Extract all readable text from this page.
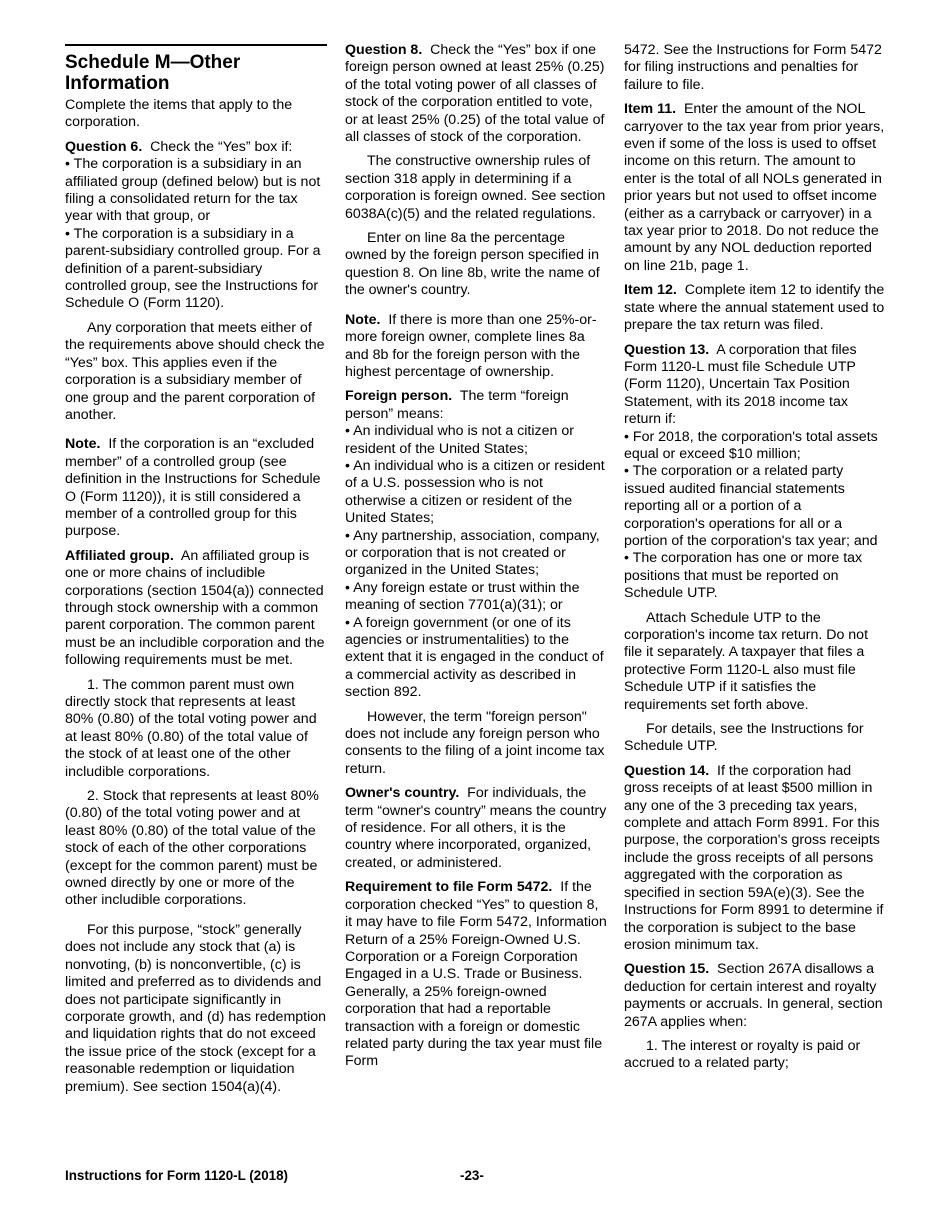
Schedule M—Other Information

Complete the items that apply to the corporation.

Question 6. Check the “Yes” box if:

• The corporation is a subsidiary in an affiliated group (defined below) but is not filing a consolidated return for the tax year with that group, or

• The corporation is a subsidiary in a parent-subsidiary controlled group. For a definition of a parent-subsidiary controlled group, see the Instructions for Schedule O (Form 1120).

Any corporation that meets either of the requirements above should check the “Yes” box. This applies even if the corporation is a subsidiary member of one group and the parent corporation of another.

Note. If the corporation is an “excluded member” of a controlled group (see definition in the Instructions for Schedule O (Form 1120)), it is still considered a member of a controlled group for this purpose.

Affiliated group. An affiliated group is one or more chains of includible corporations (section 1504(a)) connected through stock ownership with a common parent corporation. The common parent must be an includible corporation and the following requirements must be met.

1. The common parent must own directly stock that represents at least 80% (0.80) of the total voting power and at least 80% (0.80) of the total value of the stock of at least one of the other includible corporations.

2. Stock that represents at least 80% (0.80) of the total voting power and at least 80% (0.80) of the total value of the stock of each of the other corporations (except for the common parent) must be owned directly by one or more of the other includible corporations.

For this purpose, “stock” generally does not include any stock that (a) is nonvoting, (b) is nonconvertible, (c) is limited and preferred as to dividends and does not participate significantly in corporate growth, and (d) has redemption and liquidation rights that do not exceed the issue price of the stock (except for a reasonable redemption or liquidation premium). See section 1504(a)(4).

Question 8. Check the “Yes” box if one foreign person owned at least 25% (0.25) of the total voting power of all classes of stock of the corporation entitled to vote, or at least 25% (0.25) of the total value of all classes of stock of the corporation.

The constructive ownership rules of section 318 apply in determining if a corporation is foreign owned. See section 6038A(c)(5) and the related regulations.

Enter on line 8a the percentage owned by the foreign person specified in question 8. On line 8b, write the name of the owner's country.

Note. If there is more than one 25%-or-more foreign owner, complete lines 8a and 8b for the foreign person with the highest percentage of ownership.

Foreign person. The term “foreign person” means:

• An individual who is not a citizen or resident of the United States;

• An individual who is a citizen or resident of a U.S. possession who is not otherwise a citizen or resident of the United States;

• Any partnership, association, company, or corporation that is not created or organized in the United States;

• Any foreign estate or trust within the meaning of section 7701(a)(31); or

• A foreign government (or one of its agencies or instrumentalities) to the extent that it is engaged in the conduct of a commercial activity as described in section 892.

However, the term "foreign person" does not include any foreign person who consents to the filing of a joint income tax return.

Owner's country. For individuals, the term “owner's country” means the country of residence. For all others, it is the country where incorporated, organized, created, or administered.

Requirement to file Form 5472. If the corporation checked “Yes” to question 8, it may have to file Form 5472, Information Return of a 25% Foreign-Owned U.S. Corporation or a Foreign Corporation Engaged in a U.S. Trade or Business. Generally, a 25% foreign-owned corporation that had a reportable transaction with a foreign or domestic related party during the tax year must file Form

5472. See the Instructions for Form 5472 for filing instructions and penalties for failure to file.

Item 11. Enter the amount of the NOL carryover to the tax year from prior years, even if some of the loss is used to offset income on this return. The amount to enter is the total of all NOLs generated in prior years but not used to offset income (either as a carryback or carryover) in a tax year prior to 2018. Do not reduce the amount by any NOL deduction reported on line 21b, page 1.

Item 12. Complete item 12 to identify the state where the annual statement used to prepare the tax return was filed.

Question 13. A corporation that files Form 1120-L must file Schedule UTP (Form 1120), Uncertain Tax Position Statement, with its 2018 income tax return if:

• For 2018, the corporation's total assets equal or exceed $10 million;

• The corporation or a related party issued audited financial statements reporting all or a portion of a corporation's operations for all or a portion of the corporation's tax year; and

• The corporation has one or more tax positions that must be reported on Schedule UTP.

Attach Schedule UTP to the corporation's income tax return. Do not file it separately. A taxpayer that files a protective Form 1120-L also must file Schedule UTP if it satisfies the requirements set forth above.

For details, see the Instructions for Schedule UTP.

Question 14. If the corporation had gross receipts of at least $500 million in any one of the 3 preceding tax years, complete and attach Form 8991. For this purpose, the corporation's gross receipts include the gross receipts of all persons aggregated with the corporation as specified in section 59A(e)(3). See the Instructions for Form 8991 to determine if the corporation is subject to the base erosion minimum tax.

Question 15. Section 267A disallows a deduction for certain interest and royalty payments or accruals. In general, section 267A applies when:

1. The interest or royalty is paid or accrued to a related party;

Instructions for Form 1120-L (2018)	-23-
